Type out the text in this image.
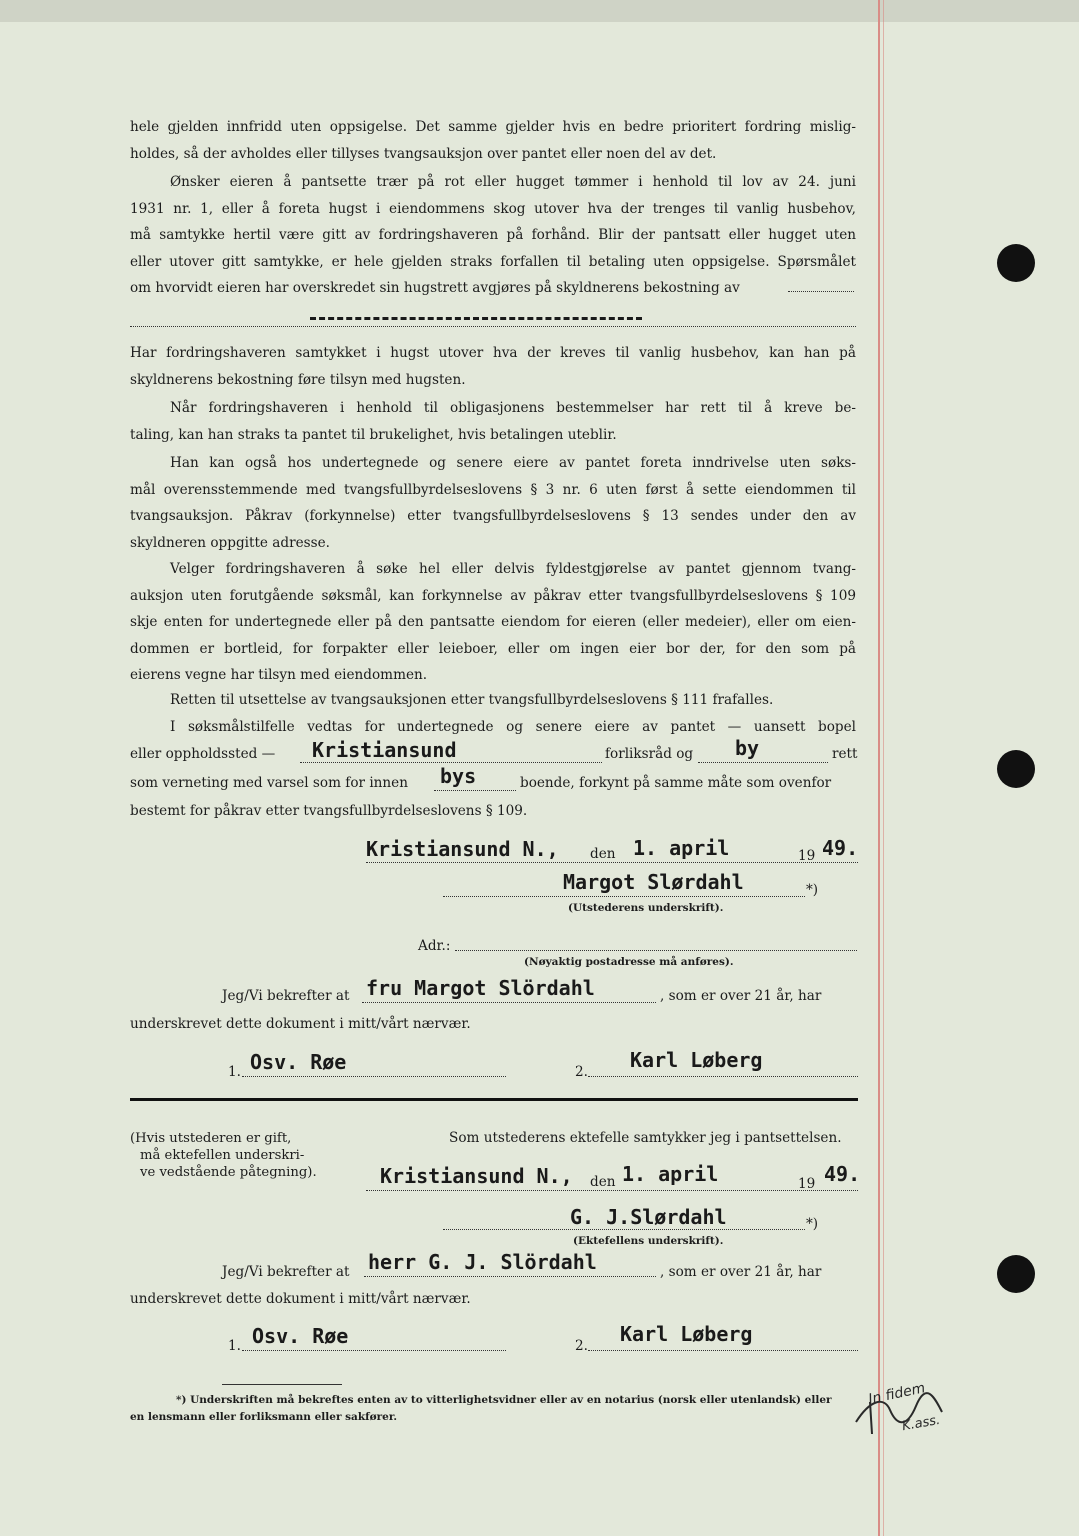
hele gjelden innfridd uten oppsigelse. Det samme gjelder hvis en bedre prioritert fordring mislig-
holdes, så der avholdes eller tillyses tvangsauksjon over pantet eller noen del av det.
Ønsker eieren å pantsette trær på rot eller hugget tømmer i henhold til lov av 24. juni
1931 nr. 1, eller å foreta hugst i eiendommens skog utover hva der trenges til vanlig husbehov,
må samtykke hertil være gitt av fordringshaveren på forhånd. Blir der pantsatt eller hugget uten
eller utover gitt samtykke, er hele gjelden straks forfallen til betaling uten oppsigelse. Spørsmålet
om hvorvidt eieren har overskredet sin hugstrett avgjøres på skyldnerens bekostning av
Har fordringshaveren samtykket i hugst utover hva der kreves til vanlig husbehov, kan han på
skyldnerens bekostning føre tilsyn med hugsten.
Når fordringshaveren i henhold til obligasjonens bestemmelser har rett til å kreve be-
taling, kan han straks ta pantet til brukelighet, hvis betalingen uteblir.
Han kan også hos undertegnede og senere eiere av pantet foreta inndrivelse uten søks-
mål overensstemmende med tvangsfullbyrdelseslovens § 3 nr. 6 uten først å sette eiendommen til
tvangsauksjon. Påkrav (forkynnelse) etter tvangsfullbyrdelseslovens § 13 sendes under den av
skyldneren oppgitte adresse.
Velger fordringshaveren å søke hel eller delvis fyldestgjørelse av pantet gjennom tvang-
auksjon uten forutgående søksmål, kan forkynnelse av påkrav etter tvangsfullbyrdelseslovens § 109
skje enten for undertegnede eller på den pantsatte eiendom for eieren (eller medeier), eller om eien-
dommen er bortleid, for forpakter eller leieboer, eller om ingen eier bor der, for den som på
eierens vegne har tilsyn med eiendommen.
Retten til utsettelse av tvangsauksjonen etter tvangsfullbyrdelseslovens § 111 frafalles.
I søksmålstilfelle vedtas for undertegnede og senere eiere av pantet — uansett bopel
eller oppholdssted — Kristiansund	forliksråd og by	rett
som verneting med varsel som for innen bys	boende, forkynt på samme måte som ovenfor
bestemt for påkrav etter tvangsfullbyrdelseslovens § 109.
Kristiansund N., den 1. april	19 49.
Margot Slørdahl	*)
(Utstederens underskrift).
Adr.:
(Nøyaktig postadresse må anføres).
Jeg/Vi bekrefter at fru Margot Slördahl	, som er over 21 år, har
underskrevet dette dokument i mitt/vårt nærvær.
1. Osv. Røe	2. Karl Løberg
(Hvis utstederen er gift,
må ektefellen underskri-
ve vedstående påtegning).
Som utstederens ektefelle samtykker jeg i pantsettelsen.
Kristiansund N., den 1. april	19 49.
G. J.Slørdahl	*)
(Ektefellens underskrift).
Jeg/Vi bekrefter at herr G. J. Slördahl	, som er over 21 år, har
underskrevet dette dokument i mitt/vårt nærvær.
1. Osv. Røe	2. Karl Løberg
*) Underskriften må bekreftes enten av to vitterlighetsvidner eller av en notarius (norsk eller utenlandsk) eller
en lensmann eller forliksmann eller sakfører.
In fidem
K.ass.
